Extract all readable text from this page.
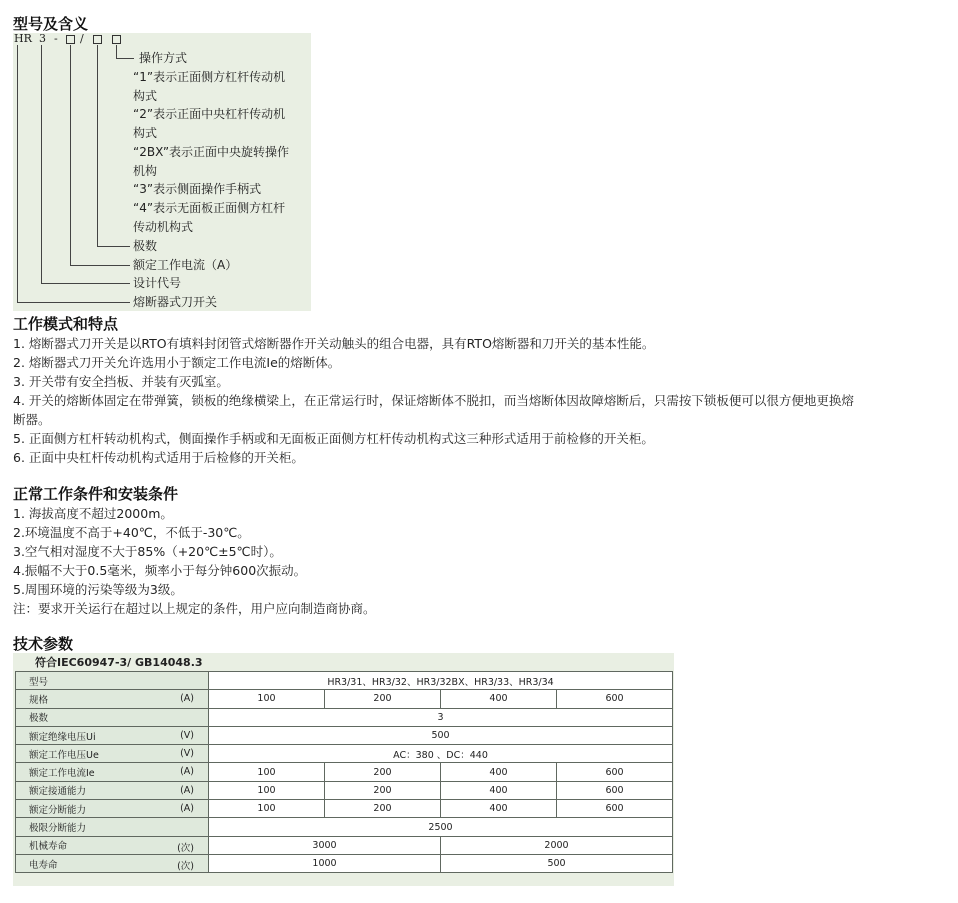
型号及含义
HR 3 - /
操作方式
“1”表示正面侧方杠杆传动机
构式
“2”表示正面中央杠杆传动机
构式
“2BX”表示正面中央旋转操作
机构
“3”表示侧面操作手柄式
“4”表示无面板正面侧方杠杆
传动机构式
极数
额定工作电流（A）
设计代号
熔断器式刀开关
工作模式和特点
1. 熔断器式刀开关是以RTO有填料封闭管式熔断器作开关动触头的组合电器，具有RTO熔断器和刀开关的基本性能。
2. 熔断器式刀开关允许选用小于额定工作电流Ie的熔断体。
3. 开关带有安全挡板、并装有灭弧室。
4. 开关的熔断体固定在带弹簧，锁板的绝缘横梁上，在正常运行时，保证熔断体不脱扣，而当熔断体因故障熔断后，只需按下锁板便可以很方便地更换熔
断器。
5. 正面侧方杠杆转动机构式，侧面操作手柄或和无面板正面侧方杠杆传动机构式这三种形式适用于前检修的开关柜。
6. 正面中央杠杆传动机构式适用于后检修的开关柜。
正常工作条件和安装条件
1. 海拔高度不超过2000m。
2.环境温度不高于+40℃，不低于-30℃。
3.空气相对湿度不大于85%（+20℃±5℃时）。
4.振幅不大于0.5毫米，频率小于每分钟600次振动。
5.周围环境的污染等级为3级。
注：要求开关运行在超过以上规定的条件，用户应向制造商协商。
技术参数
符合IEC60947-3/ GB14048.3
型号	HR3/31、HR3/32、HR3/32BX、HR3/33、HR3/34			
规格 (A)	100	200	400	600
极数	3			
额定绝缘电压Ui (V)	500			
额定工作电压Ue (V)	AC：380 、DC：440			
额定工作电流Ie (A)	100	200	400	600
额定接通能力 (A)	100	200	400	600
额定分断能力 (A)	100	200	400	600
极限分断能力	2500			
机械寿命 (次)	3000		2000	
电寿命 (次)	1000		500	
